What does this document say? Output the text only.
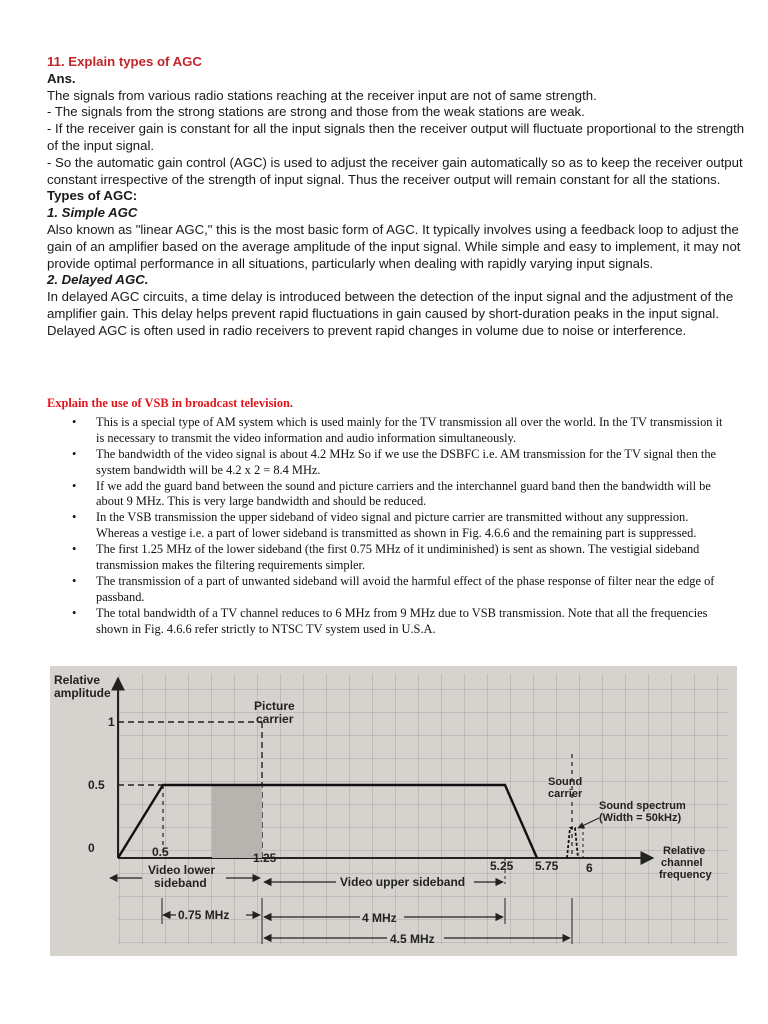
11. Explain types of AGC

Ans.

The signals from various radio stations reaching at the receiver input are not of same strength.

- The signals from the strong stations are strong and those from the weak stations are weak.

- If the receiver gain is constant for all the input signals then the receiver output will fluctuate proportional to the strength of the input signal.

- So the automatic gain control (AGC) is used to adjust the receiver gain automatically so as to keep the receiver output constant irrespective of the strength of input signal. Thus the receiver output will remain constant for all the stations.

Types of AGC:

1. Simple AGC

Also known as "linear AGC," this is the most basic form of AGC. It typically involves using a feedback loop to adjust the gain of an amplifier based on the average amplitude of the input signal. While simple and easy to implement, it may not provide optimal performance in all situations, particularly when dealing with rapidly varying input signals.

2. Delayed AGC.

In delayed AGC circuits, a time delay is introduced between the detection of the input signal and the adjustment of the amplifier gain. This delay helps prevent rapid fluctuations in gain caused by short-duration peaks in the input signal. Delayed AGC is often used in radio receivers to prevent rapid changes in volume due to noise or interference.

Explain the use of VSB in broadcast television.
• This is a special type of AM system which is used mainly for the TV transmission all over the world. In the TV transmission it is necessary to transmit the video information and audio information simultaneously.
• The bandwidth of the video signal is about 4.2 MHz So if we use the DSBFC i.e. AM transmission for the TV signal then the system bandwidth will be 4.2 x 2 = 8.4 MHz.
• If we add the guard band between the sound and picture carriers and the interchannel guard band then the bandwidth will be about 9 MHz. This is very large bandwidth and should be reduced.
• In the VSB transmission the upper sideband of video signal and picture carrier are transmitted without any suppression. Whereas a vestige i.e. a part of lower sideband is transmitted as shown in Fig. 4.6.6 and the remaining part is suppressed.
• The first 1.25 MHz of the lower sideband (the first 0.75 MHz of it undiminished) is sent as shown. The vestigial sideband transmission makes the filtering requirements simpler.
• The transmission of a part of unwanted sideband will avoid the harmful effect of the phase response of filter near the edge of passband.
• The total bandwidth of a TV channel reduces to 6 MHz from 9 MHz due to VSB transmission. Note that all the frequencies shown in Fig. 4.6.6 refer strictly to NTSC TV system used in U.S.A.
Relative
amplitude
1
0.5
0
Picture
carrier
Sound
carrier
Sound spectrum
(Width = 50kHz)
Relative
channel
frequency
0.5	1.25
5.25 5.75 6
Video lower
sideband	Video upper sideband
0.75 MHz	4 MHz
4.5 MHz
